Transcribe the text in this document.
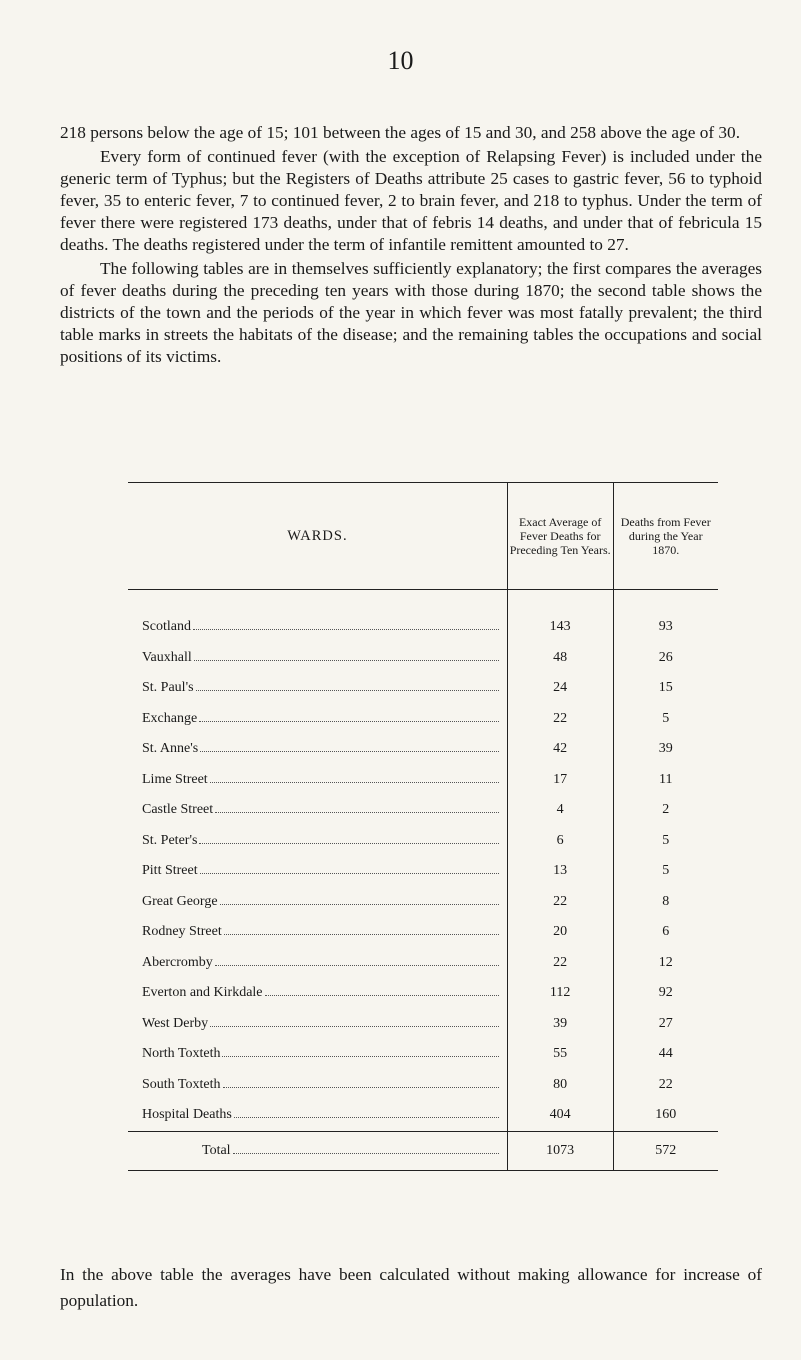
10

218 persons below the age of 15; 101 between the ages of 15 and 30, and 258 above the age of 30.

Every form of continued fever (with the exception of Relapsing Fever) is included under the generic term of Typhus; but the Registers of Deaths attribute 25 cases to gastric fever, 56 to typhoid fever, 35 to enteric fever, 7 to continued fever, 2 to brain fever, and 218 to typhus. Under the term of fever there were registered 173 deaths, under that of febris 14 deaths, and under that of febricula 15 deaths. The deaths registered under the term of infantile remittent amounted to 27.

The following tables are in themselves sufficiently explanatory; the first compares the averages of fever deaths during the preceding ten years with those during 1870; the second table shows the districts of the town and the periods of the year in which fever was most fatally prevalent; the third table marks in streets the habitats of the disease; and the remaining tables the occupations and social positions of its victims.

WARDS.	Exact Average of Fever Deaths for Preceding Ten Years.	Deaths from Fever during the Year 1870.

Scotland	143	93

Vauxhall	48	26

St. Paul's	24	15

Exchange	22	5

St. Anne's	42	39

Lime Street	17	11

Castle Street	4	2

St. Peter's	6	5

Pitt Street	13	5

Great George	22	8

Rodney Street	20	6

Abercromby	22	12

Everton and Kirkdale	112	92

West Derby	39	27

North Toxteth	55	44

South Toxteth	80	22

Hospital Deaths	404	160

Total	1073	572

In the above table the averages have been calculated without making allowance for increase of population.
